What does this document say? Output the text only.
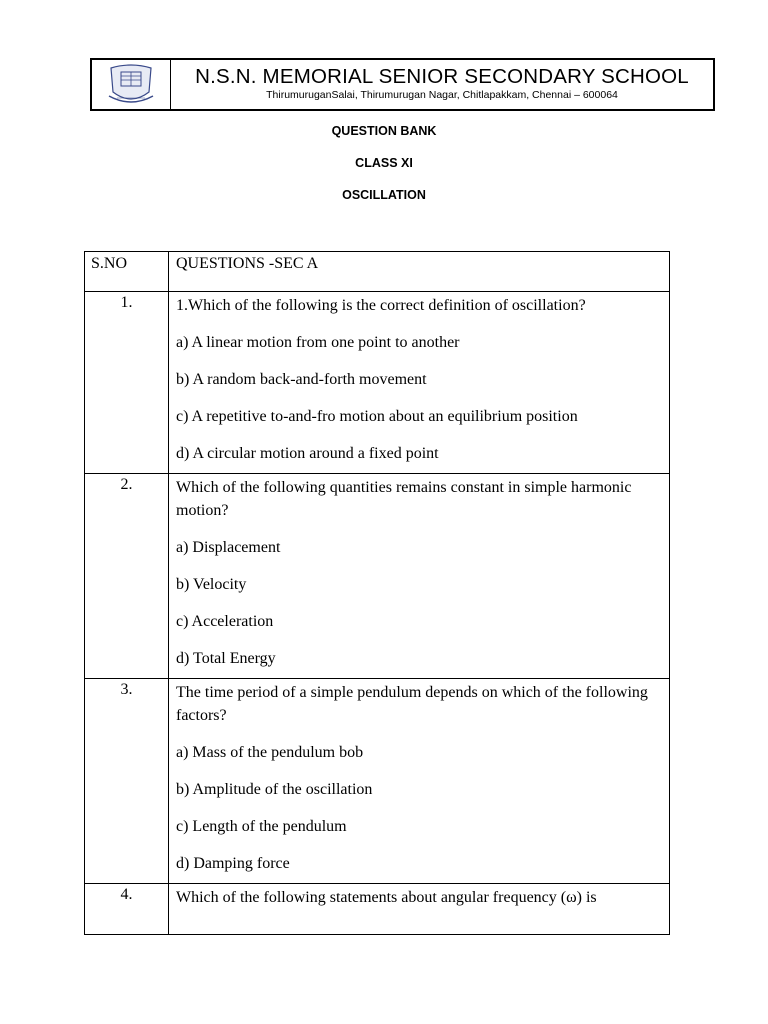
N.S.N. MEMORIAL SENIOR SECONDARY SCHOOL
ThirumuruganSalai, Thirumurugan Nagar, Chitlapakkam, Chennai – 600064
QUESTION BANK
CLASS XI
OSCILLATION
S.NO	QUESTIONS -SEC A
1.	1.Which of the following is the correct definition of oscillation?
a) A linear motion from one point to another
b) A random back-and-forth movement
c) A repetitive to-and-fro motion about an equilibrium position
d) A circular motion around a fixed point

2.	Which of the following quantities remains constant in simple harmonic motion?
a) Displacement
b) Velocity
c) Acceleration
d) Total Energy

3.	The time period of a simple pendulum depends on which of the following factors?
a) Mass of the pendulum bob
b) Amplitude of the oscillation
c) Length of the pendulum
d) Damping force

4.	Which of the following statements about angular frequency (ω) is
